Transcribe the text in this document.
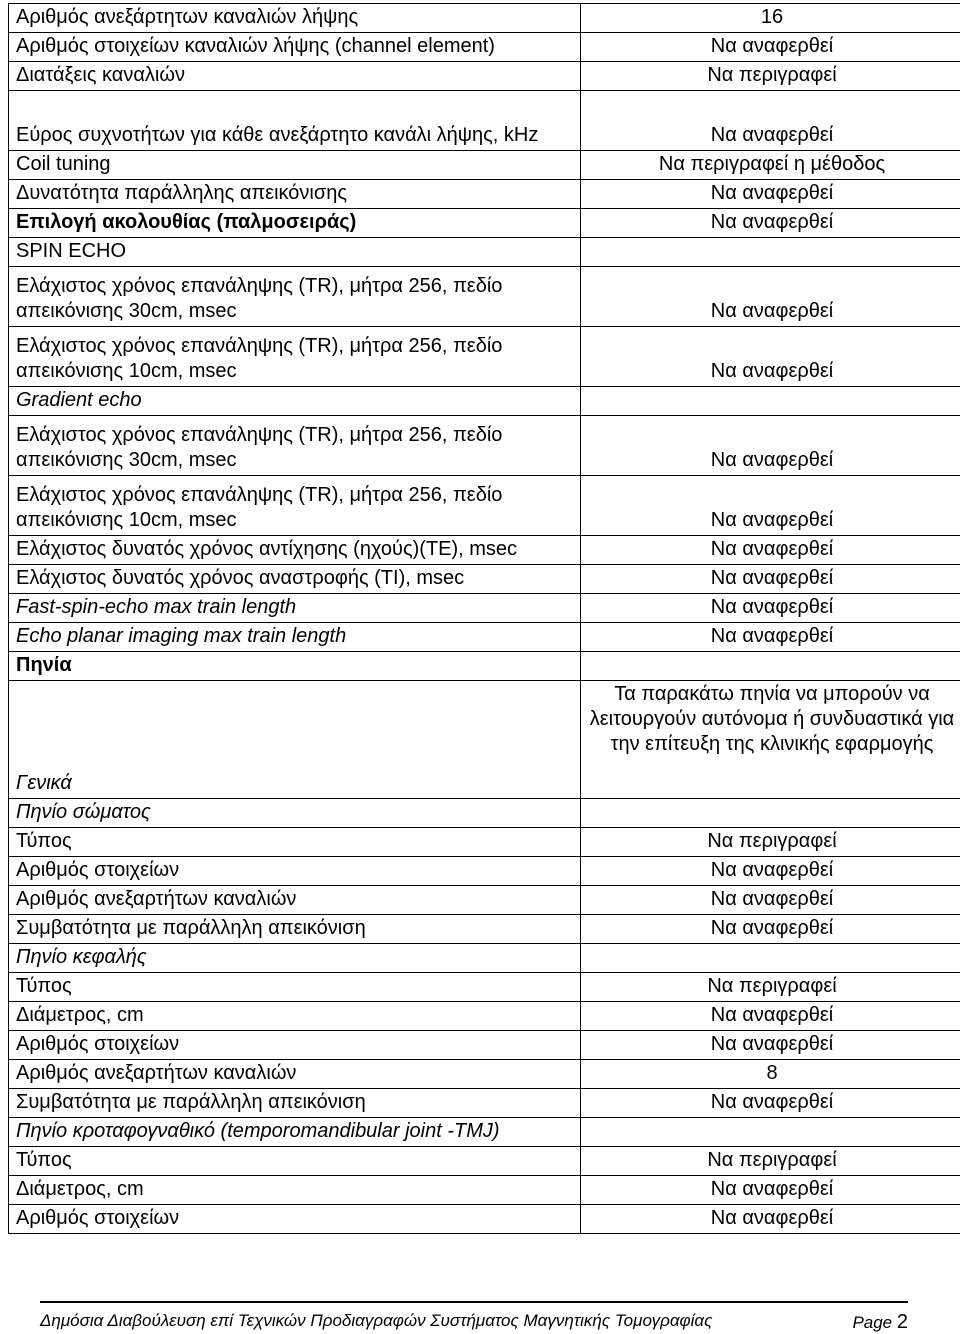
Αριθμός ανεξάρτητων καναλιών λήψης	16
Αριθμός στοιχείων καναλιών λήψης (channel element)	Να αναφερθεί
Διατάξεις καναλιών	Να περιγραφεί
Εύρος συχνοτήτων για κάθε ανεξάρτητο κανάλι λήψης, kHz	Να αναφερθεί
Coil tuning	Να περιγραφεί η μέθοδος
Δυνατότητα παράλληλης απεικόνισης	Να αναφερθεί
Επιλογή ακολουθίας (παλμοσειράς)	Να αναφερθεί
SPIN ECHO	
Ελάχιστος χρόνος επανάληψης (TR), μήτρα 256, πεδίο απεικόνισης 30cm, msec	Να αναφερθεί
Ελάχιστος χρόνος επανάληψης (TR), μήτρα 256, πεδίο απεικόνισης 10cm, msec	Να αναφερθεί
Gradient echo	
Ελάχιστος χρόνος επανάληψης (TR), μήτρα 256, πεδίο απεικόνισης 30cm, msec	Να αναφερθεί
Ελάχιστος χρόνος επανάληψης (TR), μήτρα 256, πεδίο απεικόνισης 10cm, msec	Να αναφερθεί
Ελάχιστος δυνατός χρόνος αντίχησης (ηχούς)(TE), msec	Να αναφερθεί
Ελάχιστος δυνατός χρόνος αναστροφής (TI), msec	Να αναφερθεί
Fast-spin-echo max train length	Να αναφερθεί
Echo planar imaging max train length	Να αναφερθεί
Πηνία	
Γενικά	Τα παρακάτω πηνία να μπορούν να λειτουργούν αυτόνομα ή συνδυαστικά για την επίτευξη της κλινικής εφαρμογής
Πηνίο σώματος	
Τύπος	Να περιγραφεί
Αριθμός στοιχείων	Να αναφερθεί
Αριθμός ανεξαρτήτων καναλιών	Να αναφερθεί
Συμβατότητα με παράλληλη απεικόνιση	Να αναφερθεί
Πηνίο κεφαλής	
Τύπος	Να περιγραφεί
Διάμετρος, cm	Να αναφερθεί
Αριθμός στοιχείων	Να αναφερθεί
Αριθμός ανεξαρτήτων καναλιών	8
Συμβατότητα με παράλληλη απεικόνιση	Να αναφερθεί
Πηνίο κροταφογναθικό (temporomandibular joint -TMJ)	
Τύπος	Να περιγραφεί
Διάμετρος, cm	Να αναφερθεί
Αριθμός στοιχείων	Να αναφερθεί
Δημόσια Διαβούλευση επί Τεχνικών Προδιαγραφών Συστήματος Μαγνητικής Τομογραφίας	Page 2
